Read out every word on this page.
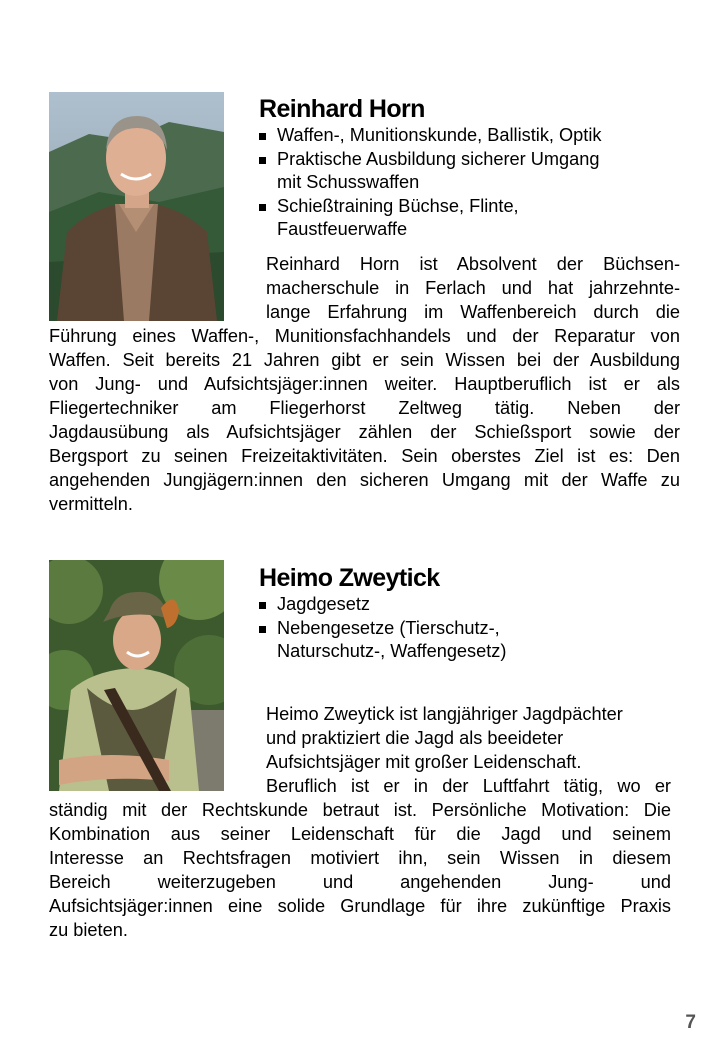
Reinhard Horn
Waffen-, Munitionskunde, Ballistik, Optik
Praktische Ausbildung sicherer Umgang
mit Schusswaffen
Schießtraining Büchse, Flinte,
Faustfeuerwaffe

Reinhard Horn ist Absolvent der Büchsen-

macherschule in Ferlach und hat jahrzehnte-

lange Erfahrung im Waffenbereich durch die

Führung eines Waffen-, Munitionsfachhandels und der Reparatur von

Waffen. Seit bereits 21 Jahren gibt er sein Wissen bei der Ausbildung

von Jung- und Aufsichtsjäger:innen weiter. Hauptberuflich ist er als

Fliegertechniker am Fliegerhorst Zeltweg tätig. Neben der

Jagdausübung als Aufsichtsjäger zählen der Schießsport sowie der

Bergsport zu seinen Freizeitaktivitäten. Sein oberstes Ziel ist es: Den

angehenden Jungjägern:innen den sicheren Umgang mit der Waffe zu

vermitteln.

Heimo Zweytick
Jagdgesetz
Nebengesetze (Tierschutz-,
Naturschutz-, Waffengesetz)

Heimo Zweytick ist langjähriger Jagdpächter

und praktiziert die Jagd als beeideter

Aufsichtsjäger mit großer Leidenschaft.

Beruflich ist er in der Luftfahrt tätig, wo er

ständig mit der Rechtskunde betraut ist. Persönliche Motivation: Die

Kombination aus seiner Leidenschaft für die Jagd und seinem

Interesse an Rechtsfragen motiviert ihn, sein Wissen in diesem

Bereich weiterzugeben und angehenden Jung- und

Aufsichtsjäger:innen eine solide Grundlage für ihre zukünftige Praxis

zu bieten.

7
